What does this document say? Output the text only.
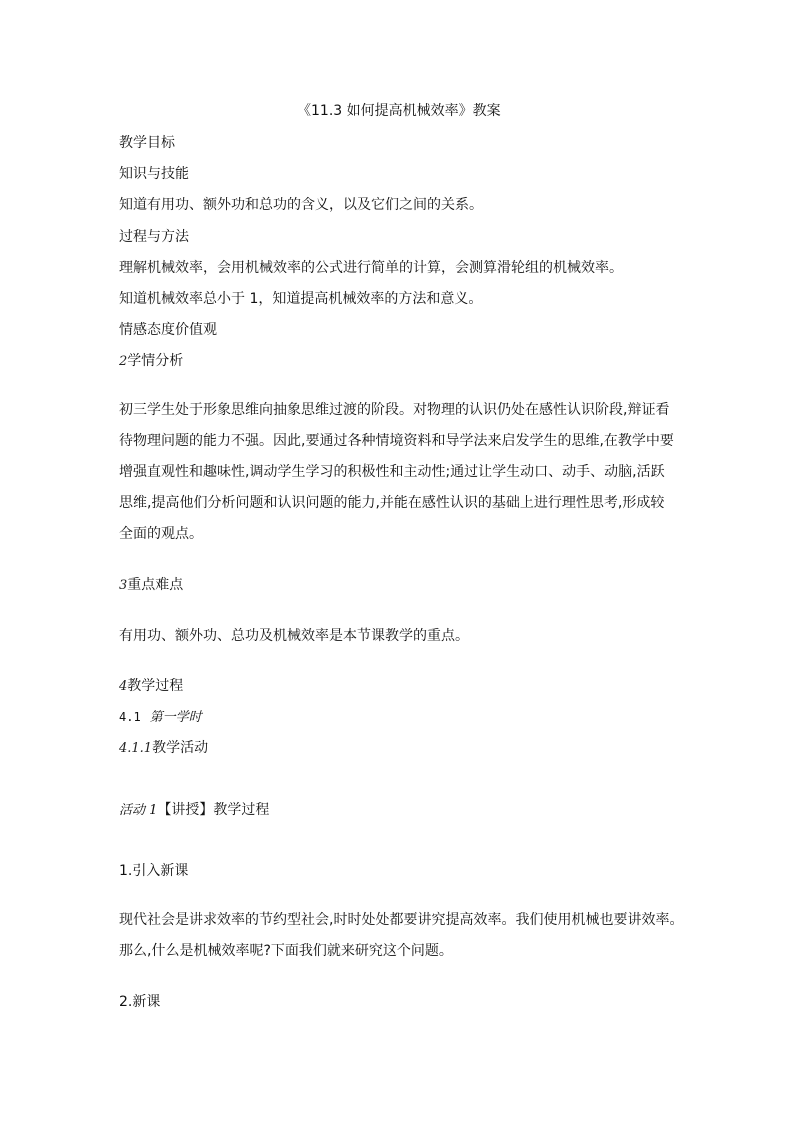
《11.3 如何提高机械效率》教案
教学目标
知识与技能
知道有用功、额外功和总功的含义，以及它们之间的关系。
过程与方法
理解机械效率，会用机械效率的公式进行简单的计算，会测算滑轮组的机械效率。
知道机械效率总小于 1，知道提高机械效率的方法和意义。
情感态度价值观
2学情分析
初三学生处于形象思维向抽象思维过渡的阶段。对物理的认识仍处在感性认识阶段,辩证看
待物理问题的能力不强。因此,要通过各种情境资料和导学法来启发学生的思维,在教学中要
增强直观性和趣味性,调动学生学习的积极性和主动性;通过让学生动口、动手、动脑,活跃
思维,提高他们分析问题和认识问题的能力,并能在感性认识的基础上进行理性思考,形成较
全面的观点。
3重点难点
有用功、额外功、总功及机械效率是本节课教学的重点。
4教学过程
4.1 第一学时
4.1.1教学活动
活动 1【讲授】教学过程
1.引入新课
现代社会是讲求效率的节约型社会,时时处处都要讲究提高效率。我们使用机械也要讲效率。
那么,什么是机械效率呢?下面我们就来研究这个问题。
2.新课
